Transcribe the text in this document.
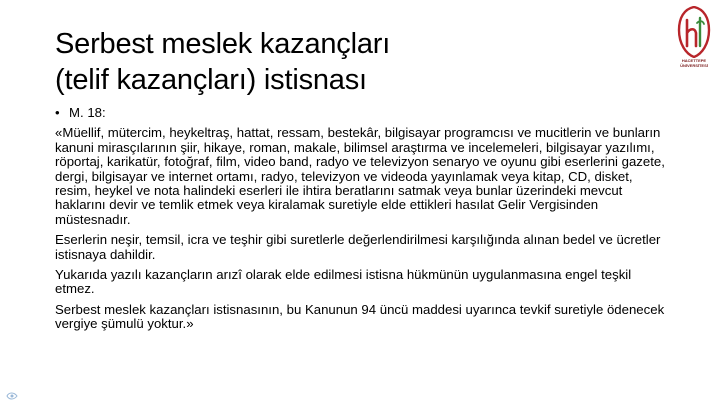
Serbest meslek kazançları
(telif kazançları) istisnası
HACETTEPE ÜNİVERSİTESİ
• M. 18:

«Müellif, mütercim, heykeltraş, hattat, ressam, bestekâr, bilgisayar programcısı ve mucitlerin ve bunların kanuni mirasçılarının şiir, hikaye, roman, makale, bilimsel araştırma ve incelemeleri, bilgisayar yazılımı, röportaj, karikatür, fotoğraf, film, video band, radyo ve televizyon senaryo ve oyunu gibi eserlerini gazete, dergi, bilgisayar ve internet ortamı, radyo, televizyon ve videoda yayınlamak veya kitap, CD, disket, resim, heykel ve nota halindeki eserleri ile ihtira beratlarını satmak veya bunlar üzerindeki mevcut haklarını devir ve temlik etmek veya kiralamak suretiyle elde ettikleri hasılat Gelir Vergisinden müstesnadır.

Eserlerin neşir, temsil, icra ve teşhir gibi suretlerle değerlendirilmesi karşılığında alınan bedel ve ücretler istisnaya dahildir.

Yukarıda yazılı kazançların arızî olarak elde edilmesi istisna hükmünün uygulanmasına engel teşkil etmez.

Serbest meslek kazançları istisnasının, bu Kanunun 94 üncü maddesi uyarınca tevkif suretiyle ödenecek vergiye şümulü yoktur.»
